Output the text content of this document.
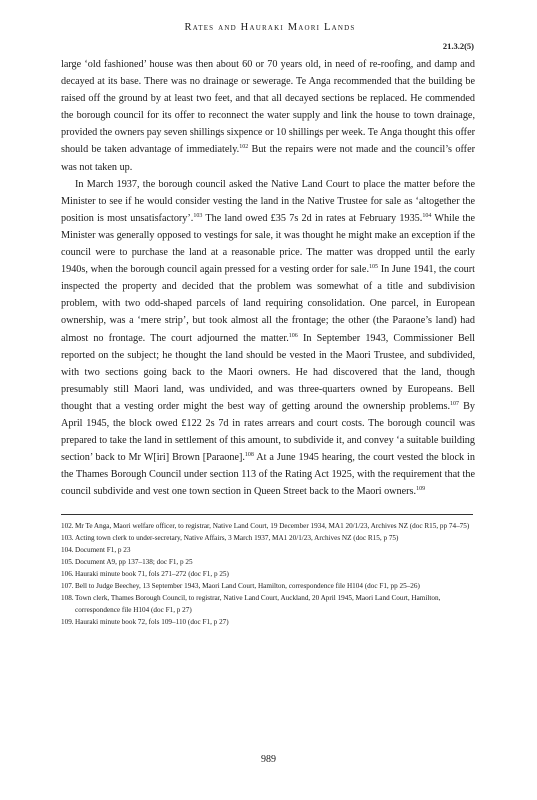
Rates and Hauraki Maori Lands
21.3.2(5)

large ‘old fashioned’ house was then about 60 or 70 years old, in need of re-roofing, and damp and decayed at its base. There was no drainage or sewerage. Te Anga recommended that the building be raised off the ground by at least two feet, and that all decayed sections be replaced. He commended the borough council for its offer to reconnect the water supply and link the house to town drainage, provided the owners pay seven shillings sixpence or 10 shillings per week. Te Anga thought this offer should be taken advantage of immediately.$^{102}$ But the repairs were not made and the council’s offer was not taken up.

In March 1937, the borough council asked the Native Land Court to place the matter before the Minister to see if he would consider vesting the land in the Native Trustee for sale as ‘altogether the position is most unsatisfactory’.$^{103}$ The land owed £35 7s 2d in rates at February 1935.$^{104}$ While the Minister was generally opposed to vestings for sale, it was thought he might make an exception if the council were to purchase the land at a reasonable price. The matter was dropped until the early 1940s, when the borough council again pressed for a vesting order for sale.$^{105}$ In June 1941, the court inspected the property and decided that the problem was somewhat of a title and subdivision problem, with two odd-shaped parcels of land requiring consolidation. One parcel, in European ownership, was a ‘mere strip’, but took almost all the frontage; the other (the Paraone’s land) had almost no frontage. The court adjourned the matter.$^{106}$ In September 1943, Commissioner Bell reported on the subject; he thought the land should be vested in the Maori Trustee, and subdivided, with two sections going back to the Maori owners. He had discovered that the land, though presumably still Maori land, was undivided, and was three-quarters owned by Europeans. Bell thought that a vesting order might the best way of getting around the ownership problems.$^{107}$ By April 1945, the block owed £122 2s 7d in rates arrears and court costs. The borough council was prepared to take the land in settlement of this amount, to subdivide it, and convey ‘a suitable building section’ back to Mr W[iri] Brown [Paraone].$^{108}$ At a June 1945 hearing, the court vested the block in the Thames Borough Council under section 113 of the Rating Act 1925, with the requirement that the council subdivide and vest one town section in Queen Street back to the Maori owners.$^{109}$

102.Mr Te Anga, Maori welfare officer, to registrar, Native Land Court, 19 December 1934, MA1 20/1/23, Archives NZ (doc R15, pp 74–75)

103.Acting town clerk to under-secretary, Native Affairs, 3 March 1937, MA1 20/1/23, Archives NZ (doc R15, p 75)

104.Document F1, p 23

105.Document A9, pp 137–138; doc F1, p 25

106.Hauraki minute book 71, fols 271–272 (doc F1, p 25)

107.Bell to Judge Beechey, 13 September 1943, Maori Land Court, Hamilton, correspondence file H104 (doc F1, pp 25–26)

108.Town clerk, Thames Borough Council, to registrar, Native Land Court, Auckland, 20 April 1945, Maori Land Court, Hamilton, correspondence file H104 (doc F1, p 27)

109.Hauraki minute book 72, fols 109–110 (doc F1, p 27)

989
